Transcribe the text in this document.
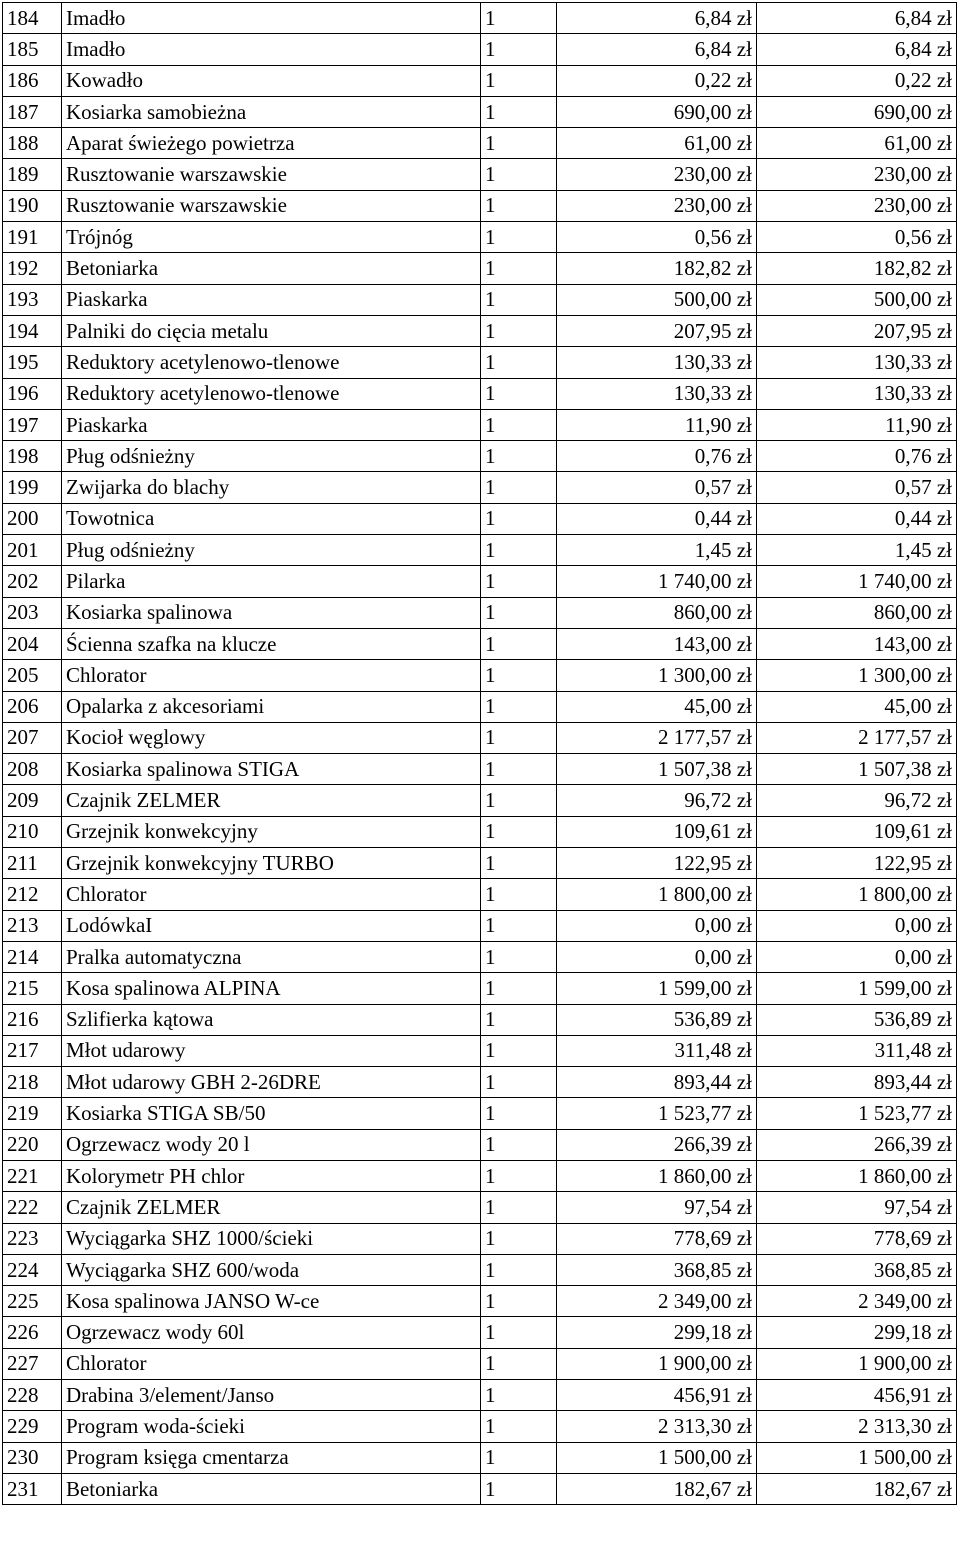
184	Imadło	1	6,84 zł	6,84 zł
185	Imadło	1	6,84 zł	6,84 zł
186	Kowadło	1	0,22 zł	0,22 zł
187	Kosiarka samobieżna	1	690,00 zł	690,00 zł
188	Aparat świeżego powietrza	1	61,00 zł	61,00 zł
189	Rusztowanie warszawskie	1	230,00 zł	230,00 zł
190	Rusztowanie warszawskie	1	230,00 zł	230,00 zł
191	Trójnóg	1	0,56 zł	0,56 zł
192	Betoniarka	1	182,82 zł	182,82 zł
193	Piaskarka	1	500,00 zł	500,00 zł
194	Palniki do cięcia metalu	1	207,95 zł	207,95 zł
195	Reduktory acetylenowo-tlenowe	1	130,33 zł	130,33 zł
196	Reduktory acetylenowo-tlenowe	1	130,33 zł	130,33 zł
197	Piaskarka	1	11,90 zł	11,90 zł
198	Pług odśnieżny	1	0,76 zł	0,76 zł
199	Zwijarka do blachy	1	0,57 zł	0,57 zł
200	Towotnica	1	0,44 zł	0,44 zł
201	Pług odśnieżny	1	1,45 zł	1,45 zł
202	Pilarka	1	1 740,00 zł	1 740,00 zł
203	Kosiarka spalinowa	1	860,00 zł	860,00 zł
204	Ścienna szafka na klucze	1	143,00 zł	143,00 zł
205	Chlorator	1	1 300,00 zł	1 300,00 zł
206	Opalarka z akcesoriami	1	45,00 zł	45,00 zł
207	Kocioł węglowy	1	2 177,57 zł	2 177,57 zł
208	Kosiarka spalinowa STIGA	1	1 507,38 zł	1 507,38 zł
209	Czajnik ZELMER	1	96,72 zł	96,72 zł
210	Grzejnik konwekcyjny	1	109,61 zł	109,61 zł
211	Grzejnik konwekcyjny TURBO	1	122,95 zł	122,95 zł
212	Chlorator	1	1 800,00 zł	1 800,00 zł
213	LodówkaI	1	0,00 zł	0,00 zł
214	Pralka automatyczna	1	0,00 zł	0,00 zł
215	Kosa spalinowa ALPINA	1	1 599,00 zł	1 599,00 zł
216	Szlifierka kątowa	1	536,89 zł	536,89 zł
217	Młot udarowy	1	311,48 zł	311,48 zł
218	Młot udarowy GBH 2-26DRE	1	893,44 zł	893,44 zł
219	Kosiarka STIGA SB/50	1	1 523,77 zł	1 523,77 zł
220	Ogrzewacz wody 20 l	1	266,39 zł	266,39 zł
221	Kolorymetr PH chlor	1	1 860,00 zł	1 860,00 zł
222	Czajnik ZELMER	1	97,54 zł	97,54 zł
223	Wyciągarka SHZ 1000/ścieki	1	778,69 zł	778,69 zł
224	Wyciągarka SHZ 600/woda	1	368,85 zł	368,85 zł
225	Kosa spalinowa JANSO W-ce	1	2 349,00 zł	2 349,00 zł
226	Ogrzewacz wody 60l	1	299,18 zł	299,18 zł
227	Chlorator	1	1 900,00 zł	1 900,00 zł
228	Drabina 3/element/Janso	1	456,91 zł	456,91 zł
229	Program woda-ścieki	1	2 313,30 zł	2 313,30 zł
230	Program księga cmentarza	1	1 500,00 zł	1 500,00 zł
231	Betoniarka	1	182,67 zł	182,67 zł
